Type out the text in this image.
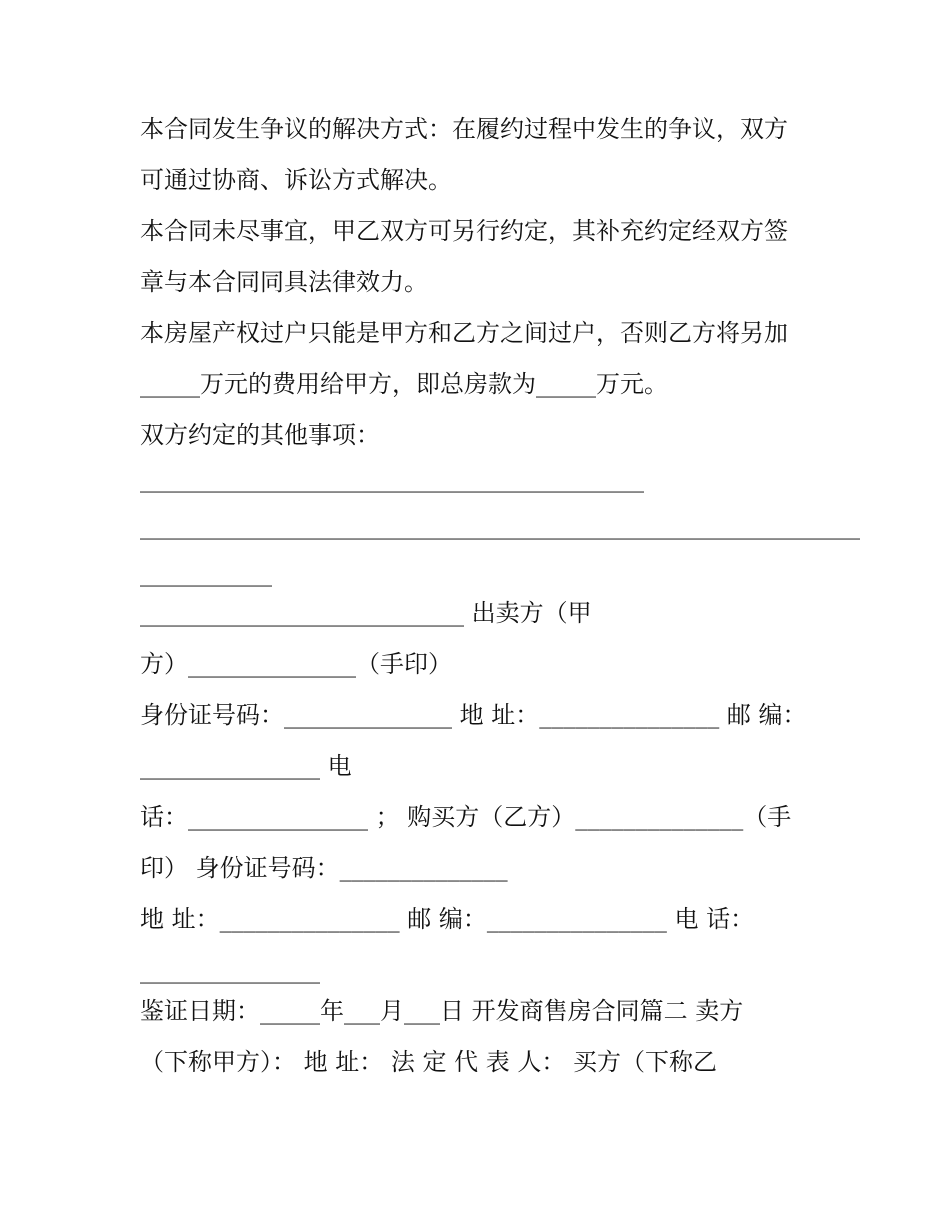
本合同发生争议的解决方式：在履约过程中发生的争议，双方
可通过协商、诉讼方式解决。
本合同未尽事宜，甲乙双方可另行约定，其补充约定经双方签
章与本合同同具法律效力。
本房屋产权过户只能是甲方和乙方之间过户，否则乙方将另加
_____万元的费用给甲方，即总房款为_____万元。
双方约定的其他事项：
__________________________________________
____________________________________________________________
___________
___________________________ 出卖方（甲
方）______________（手印）
身份证号码：______________ 地 址：_______________ 邮 编：
_______________ 电
话：_______________ ； 购买方（乙方）______________（手
印） 身份证号码：______________
地 址：_______________ 邮 编：_______________ 电 话：
_______________
鉴证日期：_____年___月___日 开发商售房合同篇二 卖方
（下称甲方）： 地 址： 法 定 代 表 人： 买方（下称乙
